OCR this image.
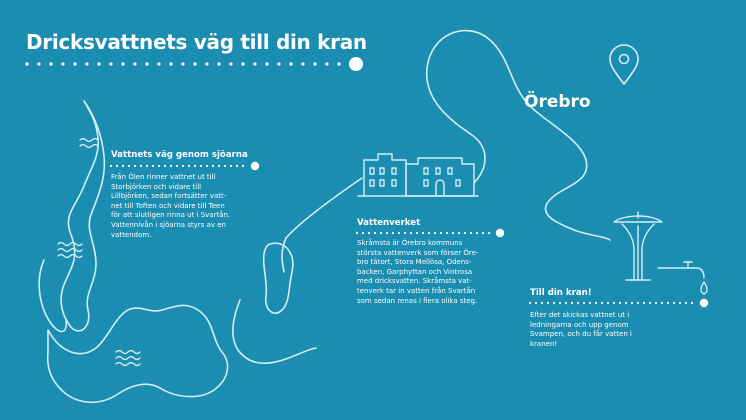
Dricksvattnets väg till din kran
Örebro
Vattnets väg genom sjöarna

Från Ölen rinner vattnet ut till
Storbjörken och vidare till
Lillbjörken, sedan fortsätter vatt-
net till Toften och vidare till Teen
för att slutligen rinna ut i Svartån.
Vattennivån i sjöarna styrs av en
vattendom.

Vattenverket

Skråmsta är Örebro kommuns
största vattenverk som förser Öre-
bro tätort, Stora Mellösa, Odens-
backen, Garphyttan och Vintrosa
med dricksvatten. Skråmsta vat-
tenverk tar in vatten från Svartån
som sedan renas i flera olika steg.

Till din kran!

Efter det skickas vattnet ut i
ledningarna och upp genom
Svampen, och du får vatten i
kranen!
